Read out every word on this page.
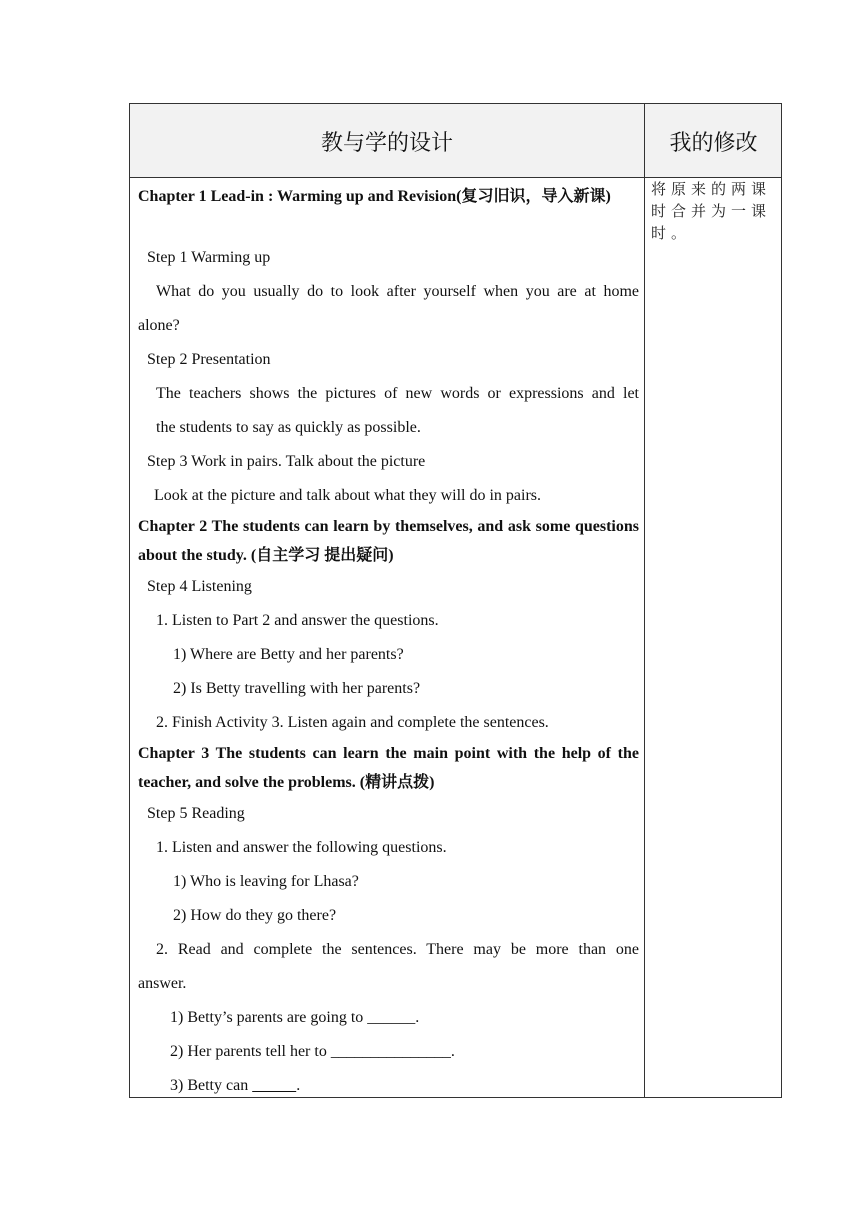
教与学的设计	我的修改
将原来的两课时合并为一课时。
Chapter 1 Lead-in : Warming up and Revision(复习旧识，导入新课)
Step 1 Warming up
What do you usually do to look after yourself when you are at home
alone?
Step 2 Presentation
The teachers shows the pictures of new words or expressions and let
the students to say as quickly as possible.
Step 3 Work in pairs. Talk about the picture
Look at the picture and talk about what they will do in pairs.
Chapter 2 The students can learn by themselves, and ask some questions about the study. (自主学习 提出疑问)
Step 4 Listening
1. Listen to Part 2 and answer the questions.
1) Where are Betty and her parents?
2) Is Betty travelling with her parents?
2. Finish Activity 3. Listen again and complete the sentences.
Chapter 3 The students can learn the main point with the help of the teacher, and solve the problems. (精讲点拨)
Step 5 Reading
1. Listen and answer the following questions.
1) Who is leaving for Lhasa?
2) How do they go there?
2. Read and complete the sentences. There may be more than one
answer.
1) Betty’s parents are going to ______.
2) Her parents tell her to _______________.
3) Betty can	.
